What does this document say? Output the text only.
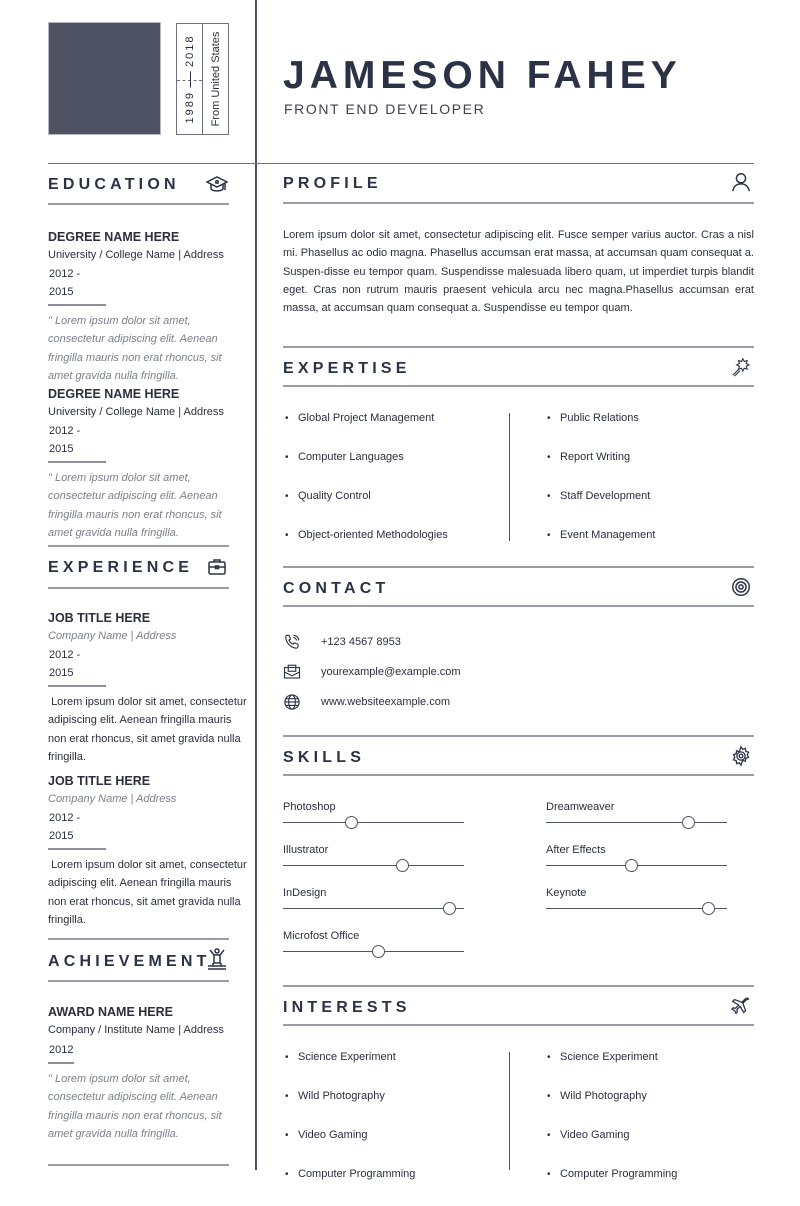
19892018 From United States JAMESON FAHEY
FRONT END DEVELOPER
EDUCATION
DEGREE NAME HERE
University / College Name | Address
2012 - 2015
" Lorem ipsum dolor sit amet, consectetur adipiscing elit. Aenean fringilla mauris non erat rhoncus, sit amet gravida nulla fringilla.
DEGREE NAME HERE
University / College Name | Address
2012 - 2015
" Lorem ipsum dolor sit amet, consectetur adipiscing elit. Aenean fringilla mauris non erat rhoncus, sit amet gravida nulla fringilla.
EXPERIENCE
JOB TITLE HERE
Company Name | Address
2012 - 2015
Lorem ipsum dolor sit amet, consectetur  adipiscing elit. Aenean fringilla mauris non erat rhoncus, sit amet gravida nulla fringilla.
JOB TITLE HERE
Company Name | Address
2012 - 2015
Lorem ipsum dolor sit amet, consectetur  adipiscing elit. Aenean fringilla mauris non erat rhoncus, sit amet gravida nulla fringilla.
ACHIEVEMENT
AWARD NAME HERE
Company / Institute Name | Address
2012
" Lorem ipsum dolor sit amet, consectetur adipiscing elit. Aenean fringilla mauris non erat rhoncus, sit amet gravida nulla fringilla.
PROFILE
Lorem ipsum dolor sit amet, consectetur adipiscing elit. Fusce semper varius auctor. Cras a nisl mi. Phasellus ac odio magna. Phasellus accumsan erat massa, at accumsan quam consequat a. Suspen-disse eu tempor quam. Suspendisse malesuada libero quam, ut imperdiet turpis blandit eget. Cras non rutrum mauris praesent vehicula arcu nec magna.Phasellus accumsan erat massa, at accumsan quam consequat a. Suspendisse eu tempor quam.
EXPERTISE
• Global Project Management
• Computer Languages
• Quality Control
• Object-oriented Methodologies
• Public Relations
• Report Writing
• Staff Development
• Event Management
CONTACT
+123 4567 8953
yourexample@example.com
www.websiteexample.com
SKILLS
Photoshop
Illustrator
InDesign
Microfost Office
Dreamweaver
After Effects
Keynote
INTERESTS
• Science Experiment
• Wild Photography
• Video Gaming
• Computer Programming
• Science Experiment
• Wild Photography
• Video Gaming
• Computer Programming
